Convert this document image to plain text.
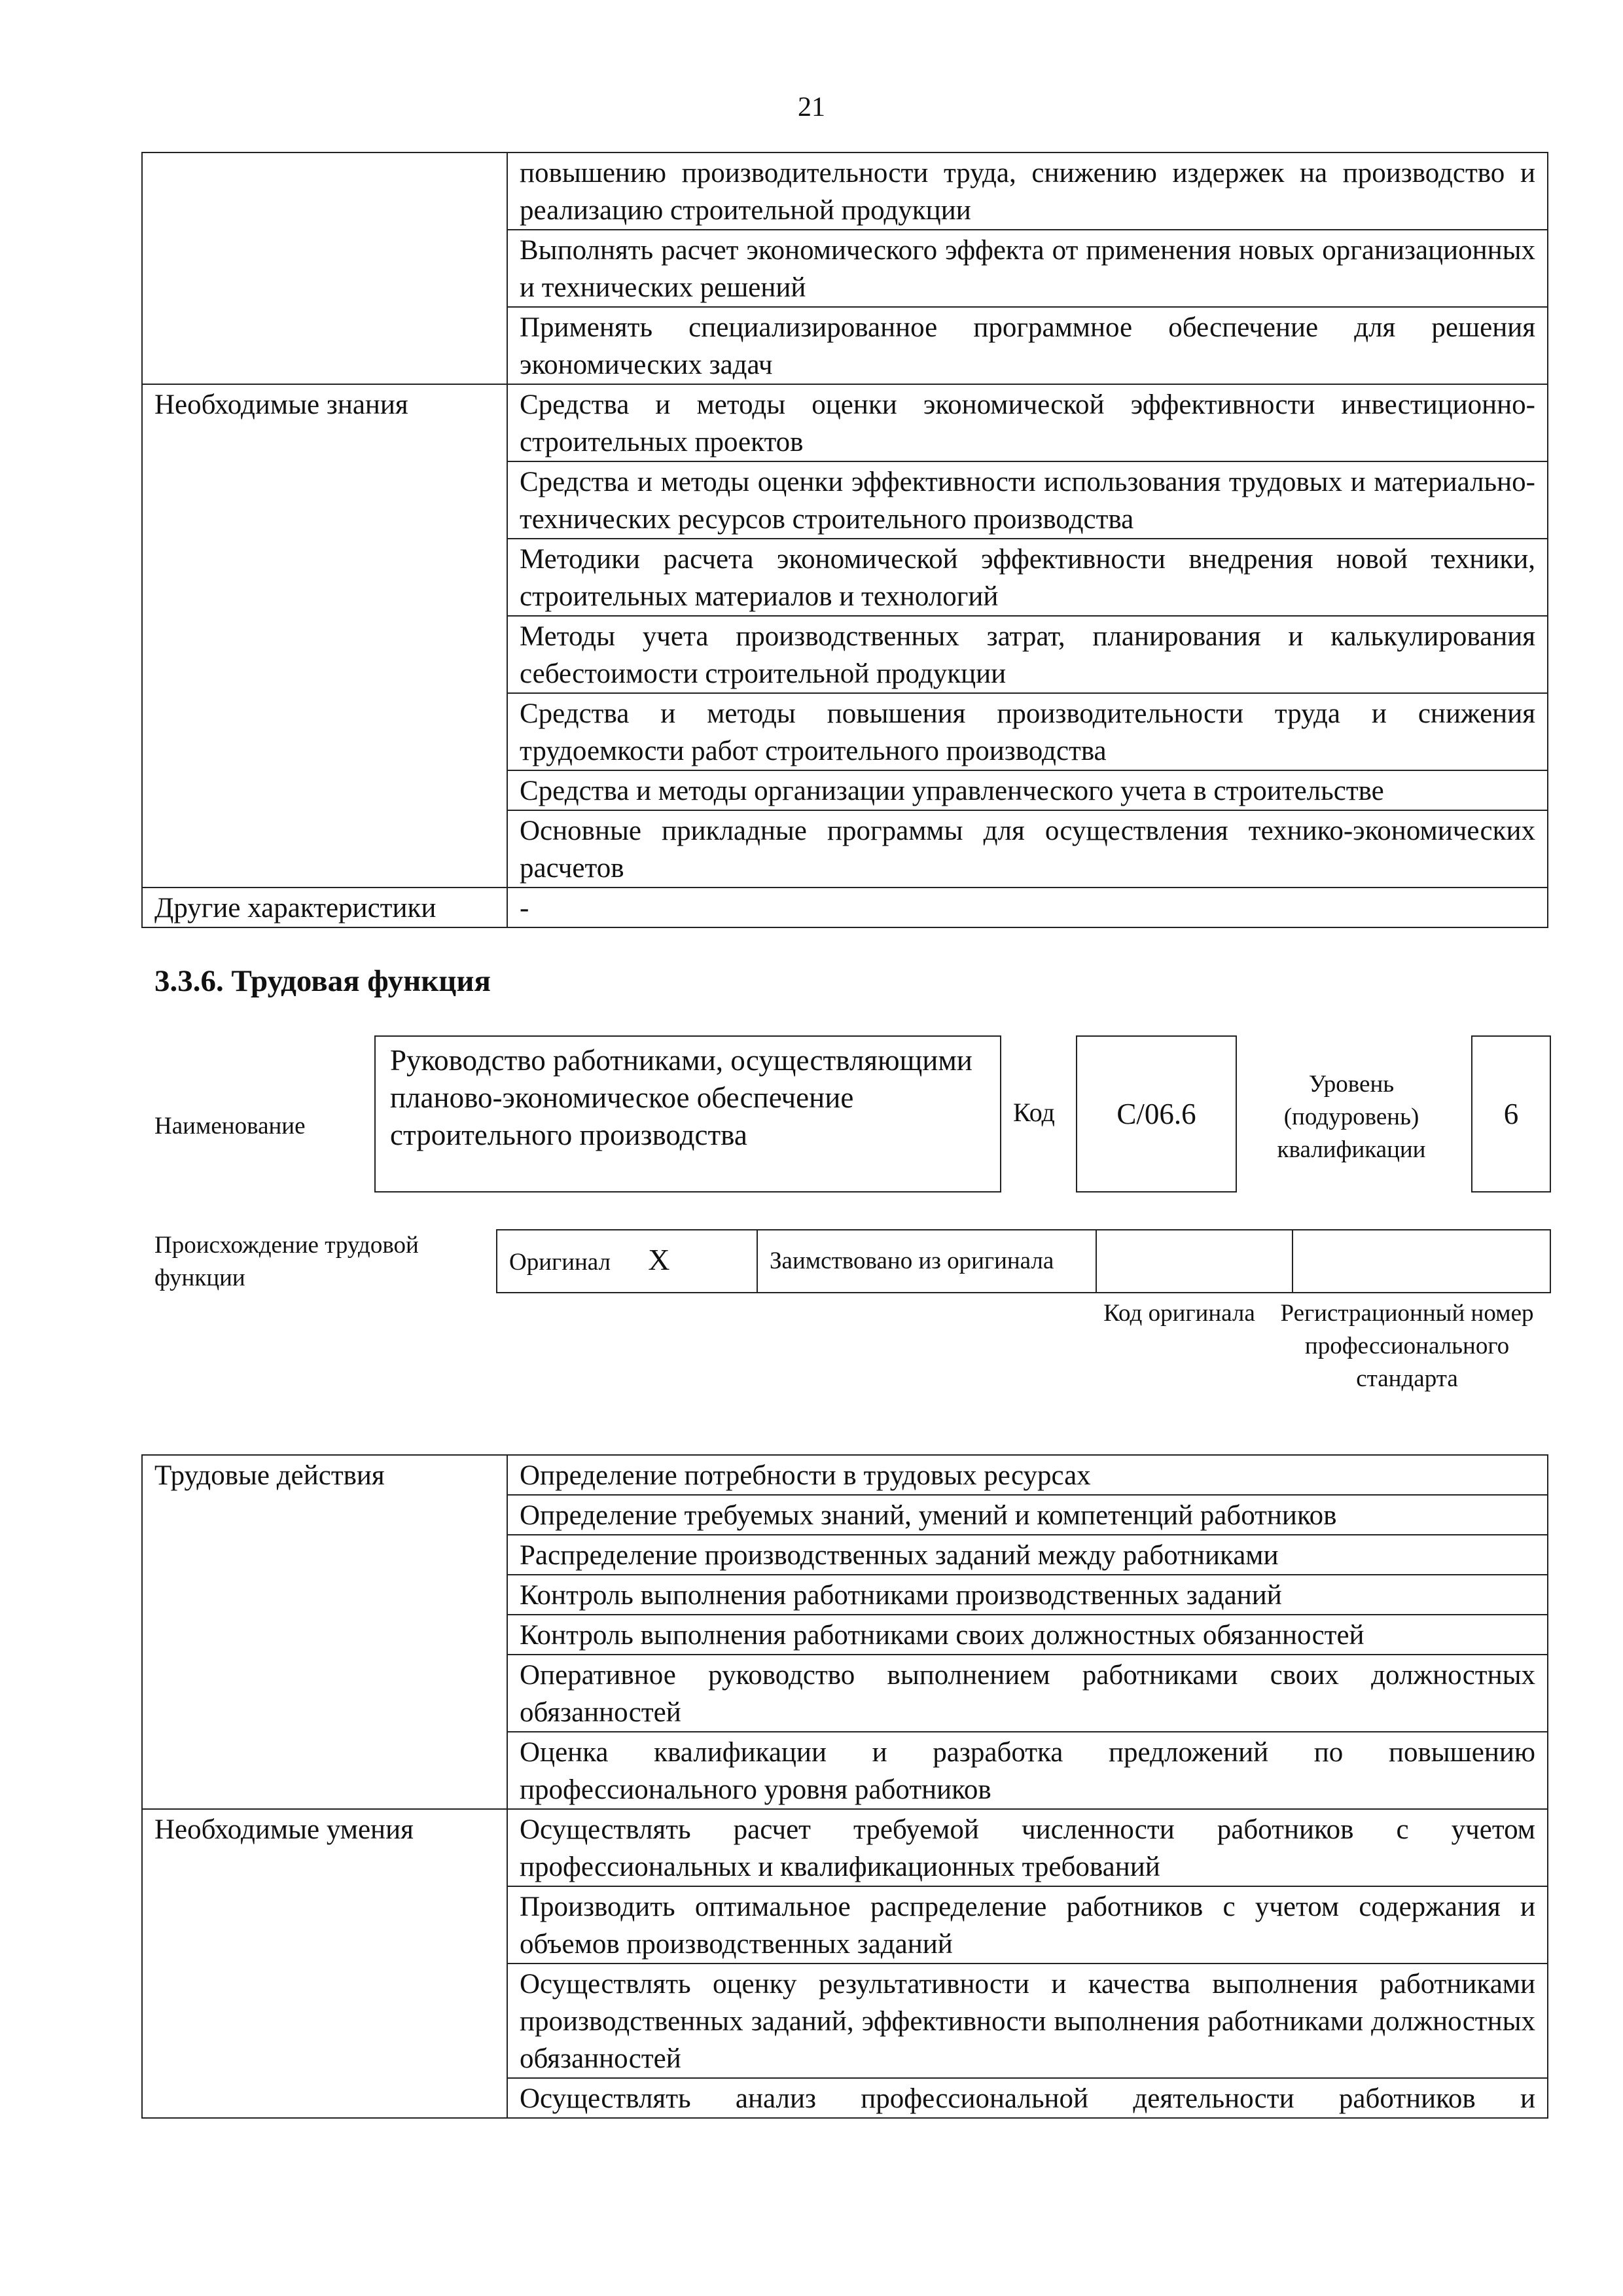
21
	повышению производительности труда, снижению издержек на производство и реализацию строительной продукции
	Выполнять расчет экономического эффекта от применения новых организационных и технических решений
	Применять специализированное программное обеспечение для решения экономических задач
Необходимые знания	Средства и методы оценки экономической эффективности инвестиционно-строительных проектов
	Средства и методы оценки эффективности использования трудовых и материально-технических ресурсов строительного производства
	Методики расчета экономической эффективности внедрения новой техники, строительных материалов и технологий
	Методы учета производственных затрат, планирования и калькулирования себестоимости строительной продукции
	Средства и методы повышения производительности труда и снижения трудоемкости работ строительного производства
	Средства и методы организации управленческого учета в строительстве
	Основные прикладные программы для осуществления технико-экономических расчетов
Другие характеристики	-
3.3.6. Трудовая функция
Наименование
Руководство работниками, осуществляющими планово-экономическое обеспечение строительного производства
Код C/06.6
Уровень (подуровень) квалификации
6
Происхождение трудовой функции
Оригинал X	Заимствовано из оригинала		
Код оригинала	Регистрационный номер профессионального стандарта
Трудовые действия	Определение потребности в трудовых ресурсах
	Определение требуемых знаний, умений и компетенций работников
	Распределение производственных заданий между работниками
	Контроль выполнения работниками производственных заданий
	Контроль выполнения работниками своих должностных обязанностей
	Оперативное руководство выполнением работниками своих должностных обязанностей
	Оценка квалификации и разработка предложений по повышению профессионального уровня работников
Необходимые умения	Осуществлять расчет требуемой численности работников с учетом профессиональных и квалификационных требований
	Производить оптимальное распределение работников с учетом содержания и объемов производственных заданий
	Осуществлять оценку результативности и качества выполнения работниками производственных заданий, эффективности выполнения работниками должностных обязанностей
	Осуществлять анализ профессиональной деятельности работников и
